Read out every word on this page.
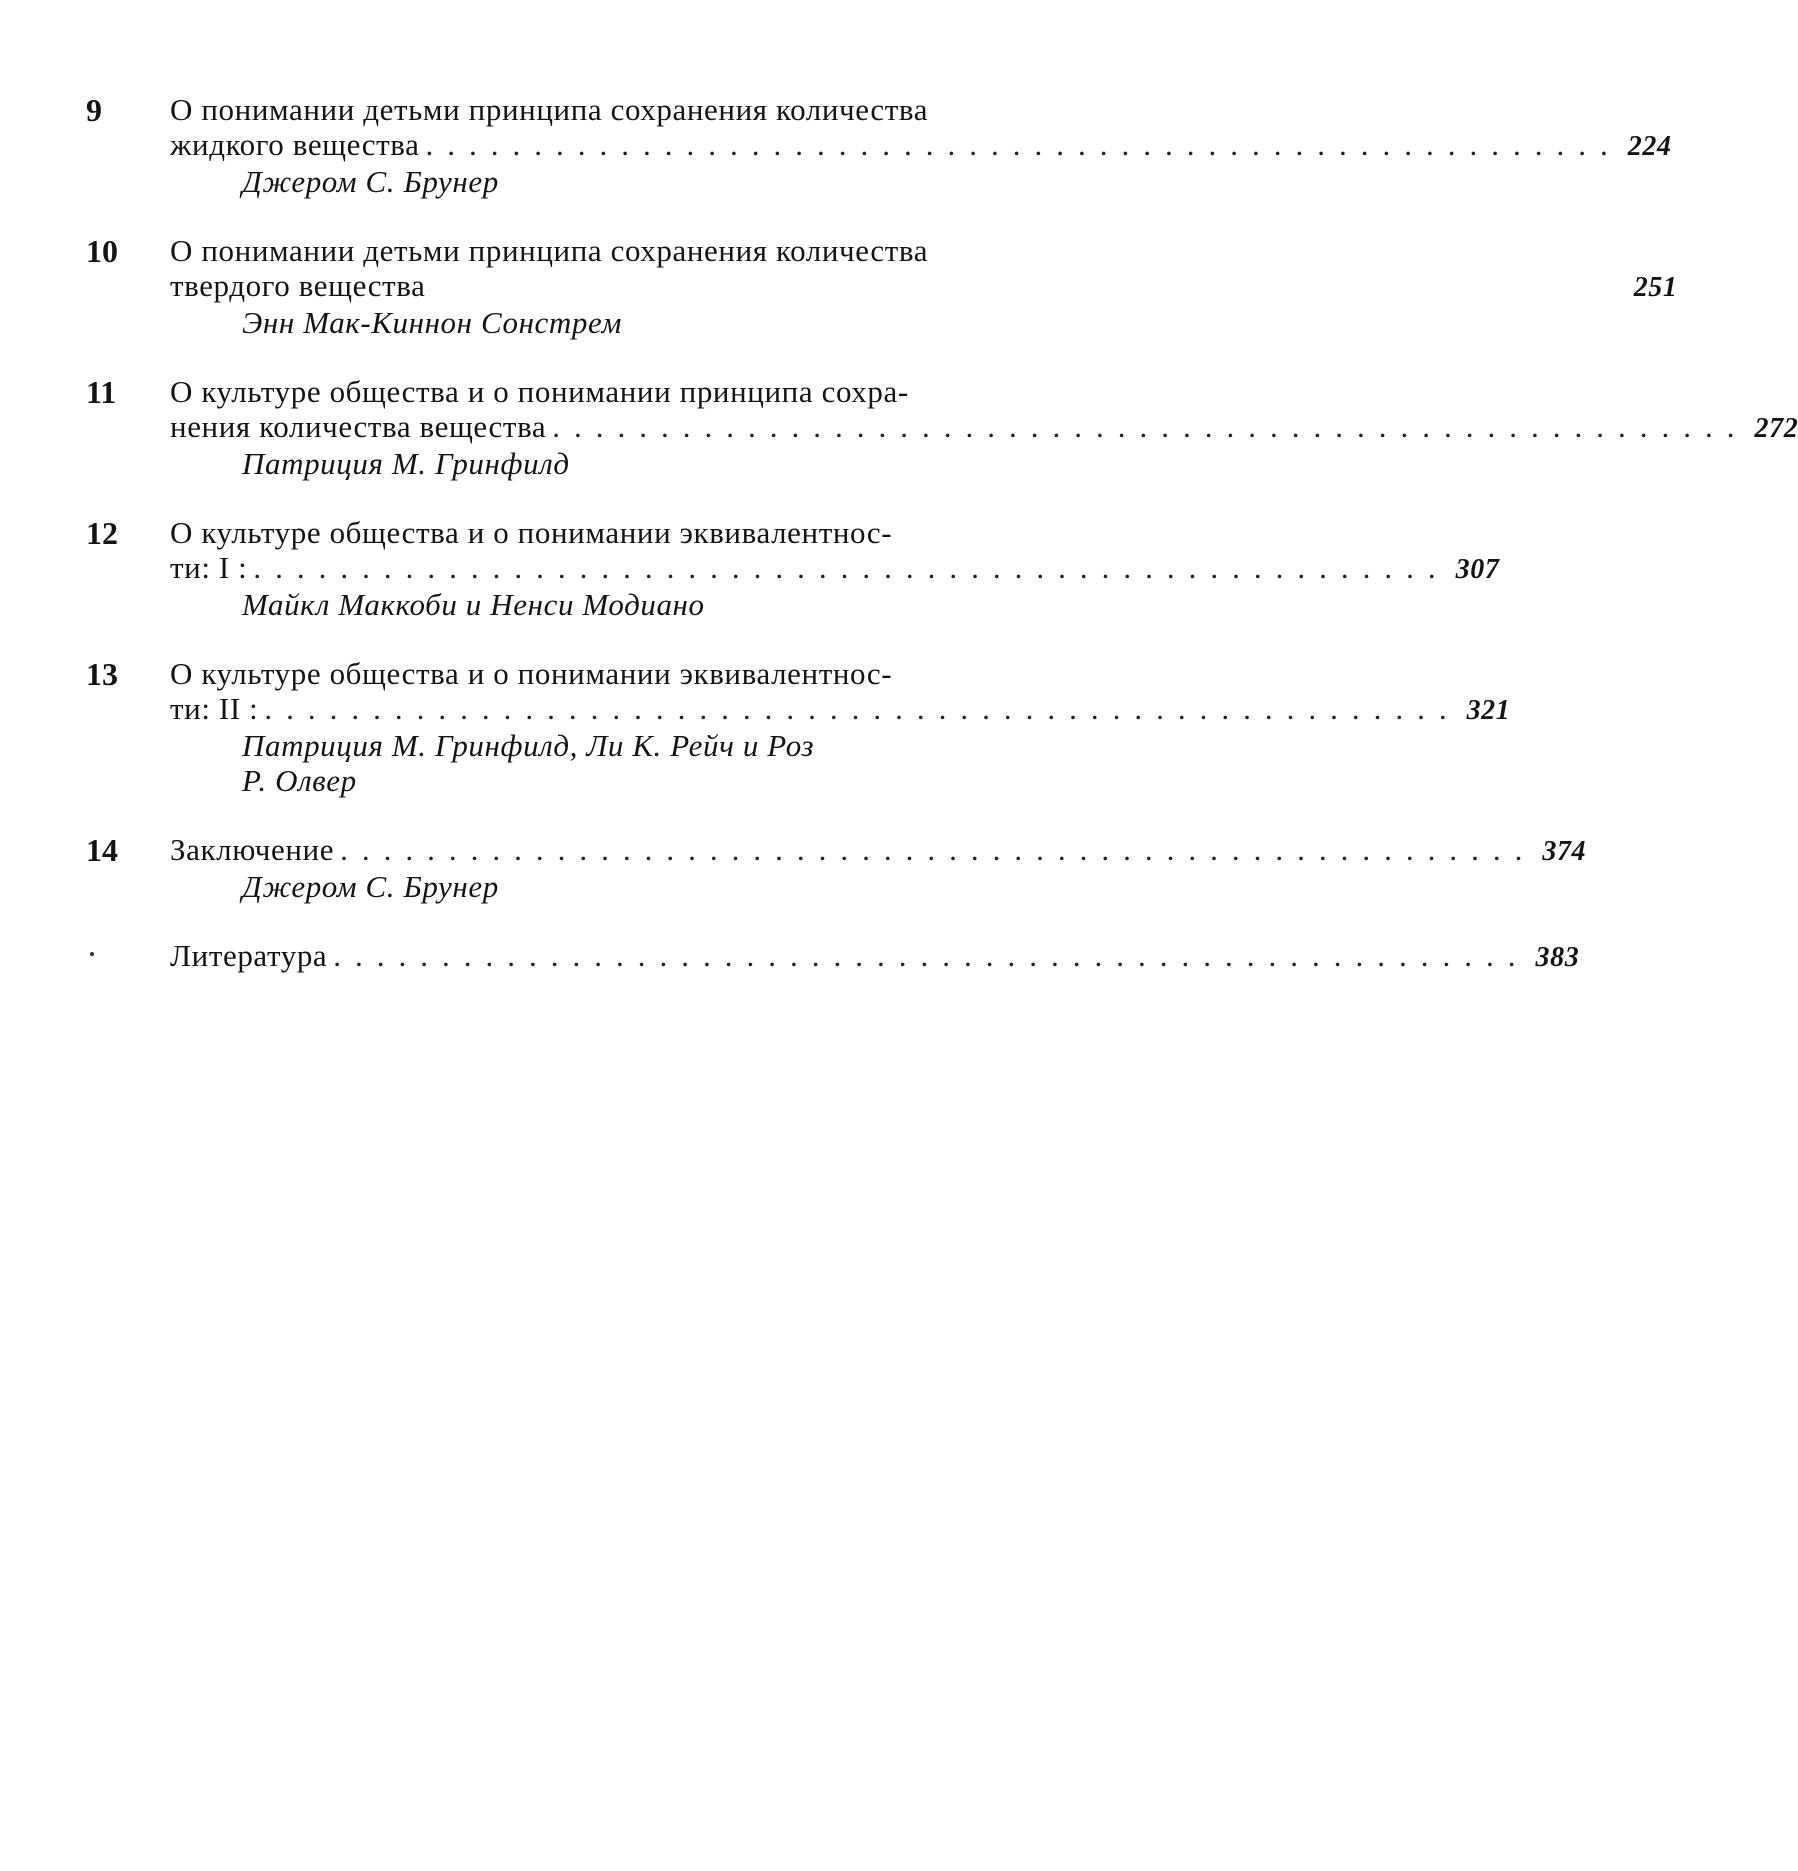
9	О понимании детьми принципа сохранения количества
жидкого вещества ....................................................... 224
Джером С. Брунер
10	О понимании детьми принципа сохранения количества
твердого вещества	251
Энн Мак-Киннон Сонстрем
11	О культуре общества и о понимании принципа сохра-
нения количества вещества ....................................................... 272
Патриция М. Гринфилд
12	О культуре общества и о понимании эквивалентнос-
ти: I : ....................................................... 307
Майкл Маккоби и Ненси Модиано
13	О культуре общества и о понимании эквивалентнос-
ти: II : ....................................................... 321
Патриция М. Гринфилд, Ли К. Рейч и Роз
Р. Олвер
14	Заключение ....................................................... 374
Джером С. Брунер
Литература ....................................................... 383
